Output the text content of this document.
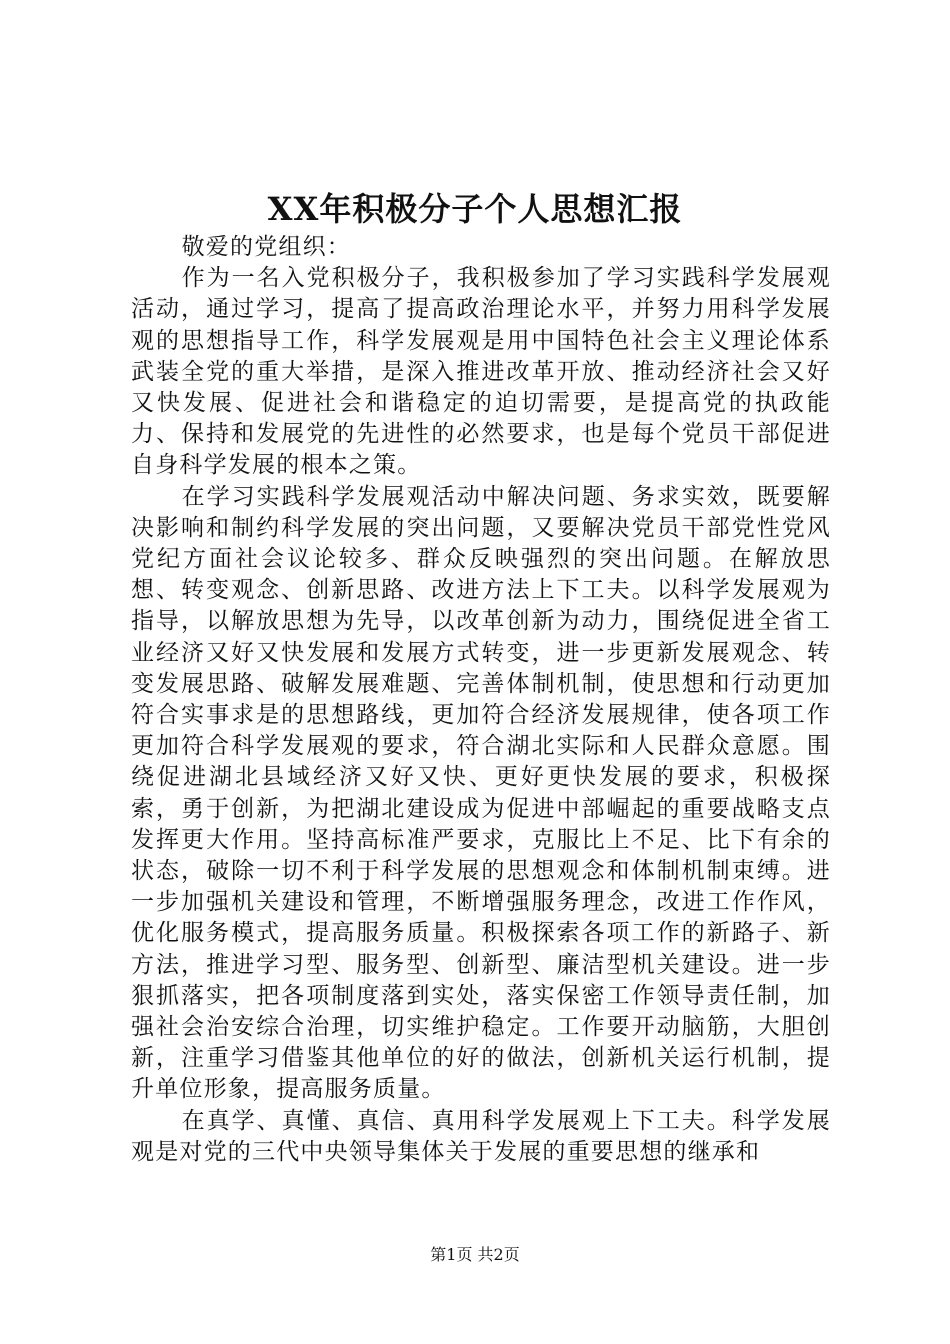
XX年积极分子个人思想汇报

敬爱的党组织：

作为一名入党积极分子，我积极参加了学习实践科学发展观活动，通过学习，提高了提高政治理论水平，并努力用科学发展观的思想指导工作，科学发展观是用中国特色社会主义理论体系武装全党的重大举措，是深入推进改革开放、推动经济社会又好又快发展、促进社会和谐稳定的迫切需要，是提高党的执政能力、保持和发展党的先进性的必然要求，也是每个党员干部促进自身科学发展的根本之策。

在学习实践科学发展观活动中解决问题、务求实效，既要解决影响和制约科学发展的突出问题，又要解决党员干部党性党风党纪方面社会议论较多、群众反映强烈的突出问题。在解放思想、转变观念、创新思路、改进方法上下工夫。以科学发展观为指导，以解放思想为先导，以改革创新为动力，围绕促进全省工业经济又好又快发展和发展方式转变，进一步更新发展观念、转变发展思路、破解发展难题、完善体制机制，使思想和行动更加符合实事求是的思想路线，更加符合经济发展规律，使各项工作更加符合科学发展观的要求，符合湖北实际和人民群众意愿。围绕促进湖北县域经济又好又快、更好更快发展的要求，积极探索，勇于创新，为把湖北建设成为促进中部崛起的重要战略支点发挥更大作用。坚持高标准严要求，克服比上不足、比下有余的状态，破除一切不利于科学发展的思想观念和体制机制束缚。进一步加强机关建设和管理，不断增强服务理念，改进工作作风，优化服务模式，提高服务质量。积极探索各项工作的新路子、新方法，推进学习型、服务型、创新型、廉洁型机关建设。进一步狠抓落实，把各项制度落到实处，落实保密工作领导责任制，加强社会治安综合治理，切实维护稳定。工作要开动脑筋，大胆创新，注重学习借鉴其他单位的好的做法，创新机关运行机制，提升单位形象，提高服务质量。

在真学、真懂、真信、真用科学发展观上下工夫。科学发展观是对党的三代中央领导集体关于发展的重要思想的继承和

第1页 共2页
